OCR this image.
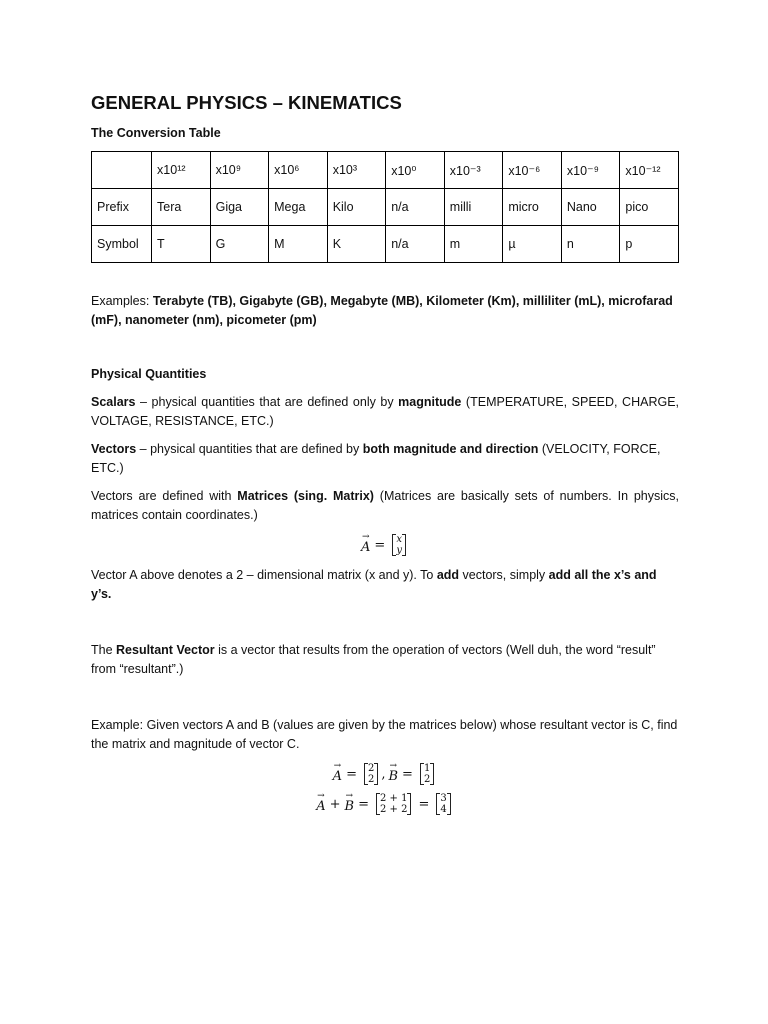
GENERAL PHYSICS – KINEMATICS
The Conversion Table
	x10¹²	x10⁹	x10⁶	x10³	x10⁰	x10⁻³	x10⁻⁶	x10⁻⁹	x10⁻¹²
Prefix	Tera	Giga	Mega	Kilo	n/a	milli	micro	Nano	pico
Symbol	T	G	M	K	n/a	m	µ	n	p

Examples: Terabyte (TB), Gigabyte (GB), Megabyte (MB), Kilometer (Km), milliliter (mL), microfarad (mF), nanometer (nm), picometer (pm)

Physical Quantities

Scalars – physical quantities that are defined only by magnitude (TEMPERATURE, SPEED, CHARGE, VOLTAGE, RESISTANCE, ETC.)

Vectors – physical quantities that are defined by both magnitude and direction (VELOCITY, FORCE, ETC.)

Vectors are defined with Matrices (sing. Matrix) (Matrices are basically sets of numbers. In physics, matrices contain coordinates.)

→
A = x
y

Vector A above denotes a 2 – dimensional matrix (x and y). To add vectors, simply add all the x’s and y’s.

The Resultant Vector is a vector that results from the operation of vectors (Well duh, the word “result” from “resultant”.)

Example: Given vectors A and B (values are given by the matrices below) whose resultant vector is C, find the matrix and magnitude of vector C.

→
A = 2
2 ,
→
B = 1
2
→
A +
→
B = 2 + 1
2 + 2 = 3
4
